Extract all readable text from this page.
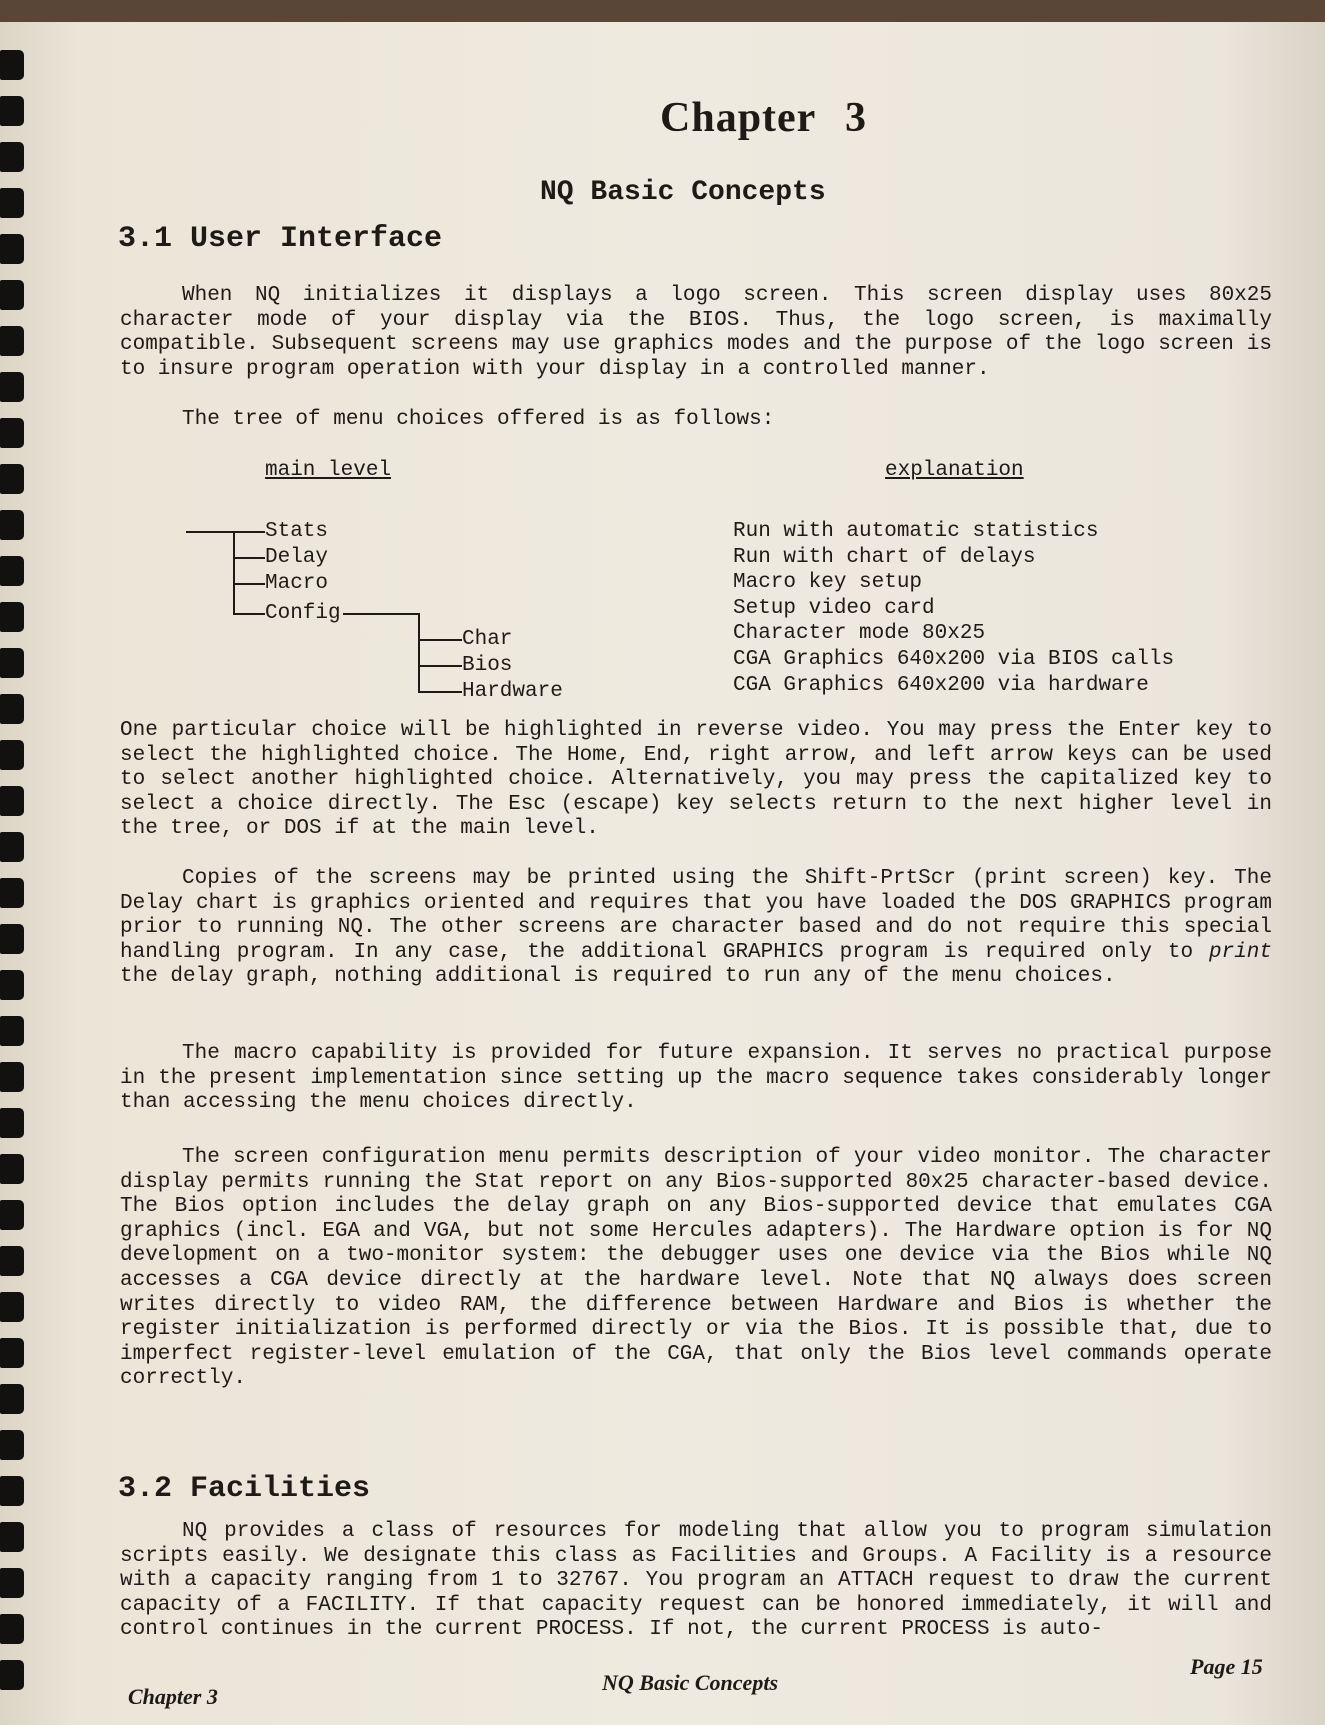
Chapter 3
NQ Basic Concepts
3.1 User Interface

When NQ initializes it displays a logo screen. This screen display uses 80x25 character mode of your display via the BIOS. Thus, the logo screen, is maximally compatible. Subsequent screens may use graphics modes and the purpose of the logo screen is to insure program operation with your display in a controlled manner.

The tree of menu choices offered is as follows:

main level	explanation

Stats

Delay

Macro

Config

Char

Bios

Hardware

Run with automatic statistics
Run with chart of delays
Macro key setup
Setup video card
Character mode 80x25
CGA Graphics 640x200 via BIOS calls
CGA Graphics 640x200 via hardware

One particular choice will be highlighted in reverse video. You may press the Enter key to select the highlighted choice. The Home, End, right arrow, and left arrow keys can be used to select another highlighted choice. Alternatively, you may press the capitalized key to select a choice directly. The Esc (escape) key selects return to the next higher level in the tree, or DOS if at the main level.

Copies of the screens may be printed using the Shift-PrtScr (print screen) key. The Delay chart is graphics oriented and requires that you have loaded the DOS GRAPHICS program prior to running NQ. The other screens are character based and do not require this special handling program. In any case, the additional GRAPHICS program is required only to print the delay graph, nothing additional is required to run any of the menu choices.

The macro capability is provided for future expansion. It serves no practical purpose in the present implementation since setting up the macro sequence takes considerably longer than accessing the menu choices directly.

The screen configuration menu permits description of your video monitor. The character display permits running the Stat report on any Bios-supported 80x25 character-based device. The Bios option includes the delay graph on any Bios-supported device that emulates CGA graphics (incl. EGA and VGA, but not some Hercules adapters). The Hardware option is for NQ development on a two-monitor system: the debugger uses one device via the Bios while NQ accesses a CGA device directly at the hardware level. Note that NQ always does screen writes directly to video RAM, the difference between Hardware and Bios is whether the register initialization is performed directly or via the Bios. It is possible that, due to imperfect register-level emulation of the CGA, that only the Bios level commands operate correctly.

3.2 Facilities

NQ provides a class of resources for modeling that allow you to program simulation scripts easily. We designate this class as Facilities and Groups. A Facility is a resource with a capacity ranging from 1 to 32767. You program an ATTACH request to draw the current capacity of a FACILITY. If that capacity request can be honored immediately, it will and control continues in the current PROCESS. If not, the current PROCESS is auto-

Chapter 3

NQ Basic Concepts

Page 15
